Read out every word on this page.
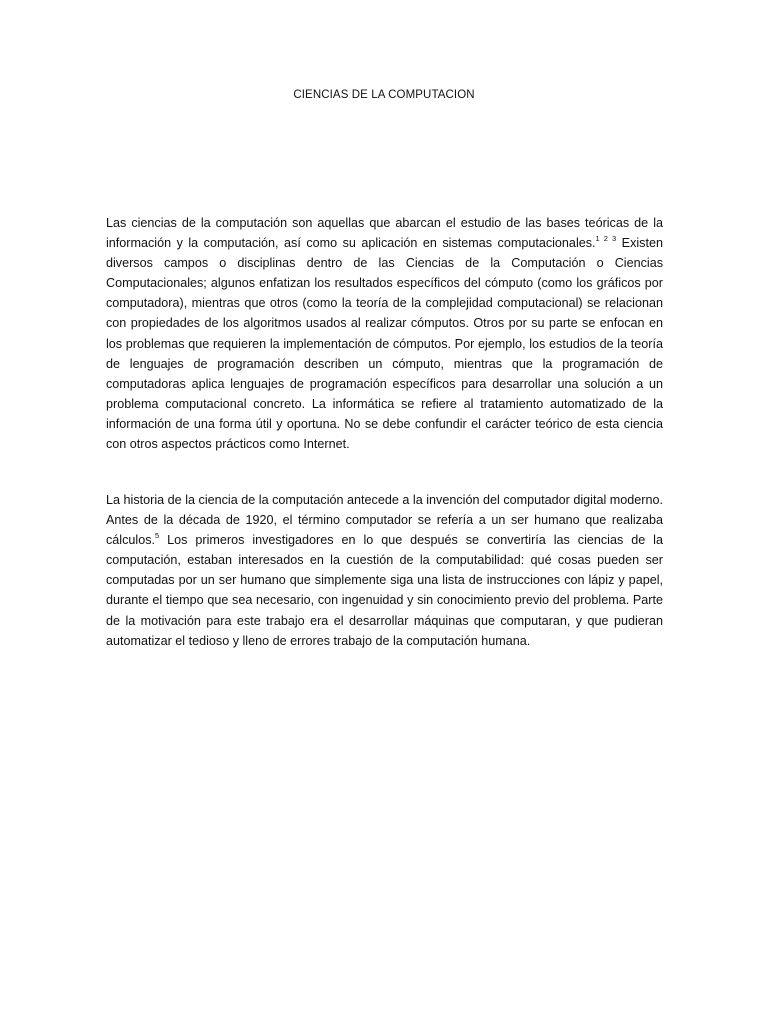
CIENCIAS DE LA COMPUTACION

Las ciencias de la computación son aquellas que abarcan el estudio de las bases teóricas de la información y la computación, así como su aplicación en sistemas computacionales.$^{1 2 3}$ Existen diversos campos o disciplinas dentro de las Ciencias de la Computación o Ciencias Computacionales; algunos enfatizan los resultados específicos del cómputo (como los gráficos por computadora), mientras que otros (como la teoría de la complejidad computacional) se relacionan con propiedades de los algoritmos usados al realizar cómputos. Otros por su parte se enfocan en los problemas que requieren la implementación de cómputos. Por ejemplo, los estudios de la teoría de lenguajes de programación describen un cómputo, mientras que la programación de computadoras aplica lenguajes de programación específicos para desarrollar una solución a un problema computacional concreto. La informática se refiere al tratamiento automatizado de la información de una forma útil y oportuna. No se debe confundir el carácter teórico de esta ciencia con otros aspectos prácticos como Internet.

La historia de la ciencia de la computación antecede a la invención del computador digital moderno. Antes de la década de 1920, el término computador se refería a un ser humano que realizaba cálculos.$^5$ Los primeros investigadores en lo que después se convertiría las ciencias de la computación, estaban interesados en la cuestión de la computabilidad: qué cosas pueden ser computadas por un ser humano que simplemente siga una lista de instrucciones con lápiz y papel, durante el tiempo que sea necesario, con ingenuidad y sin conocimiento previo del problema. Parte de la motivación para este trabajo era el desarrollar máquinas que computaran, y que pudieran automatizar el tedioso y lleno de errores trabajo de la computación humana.
